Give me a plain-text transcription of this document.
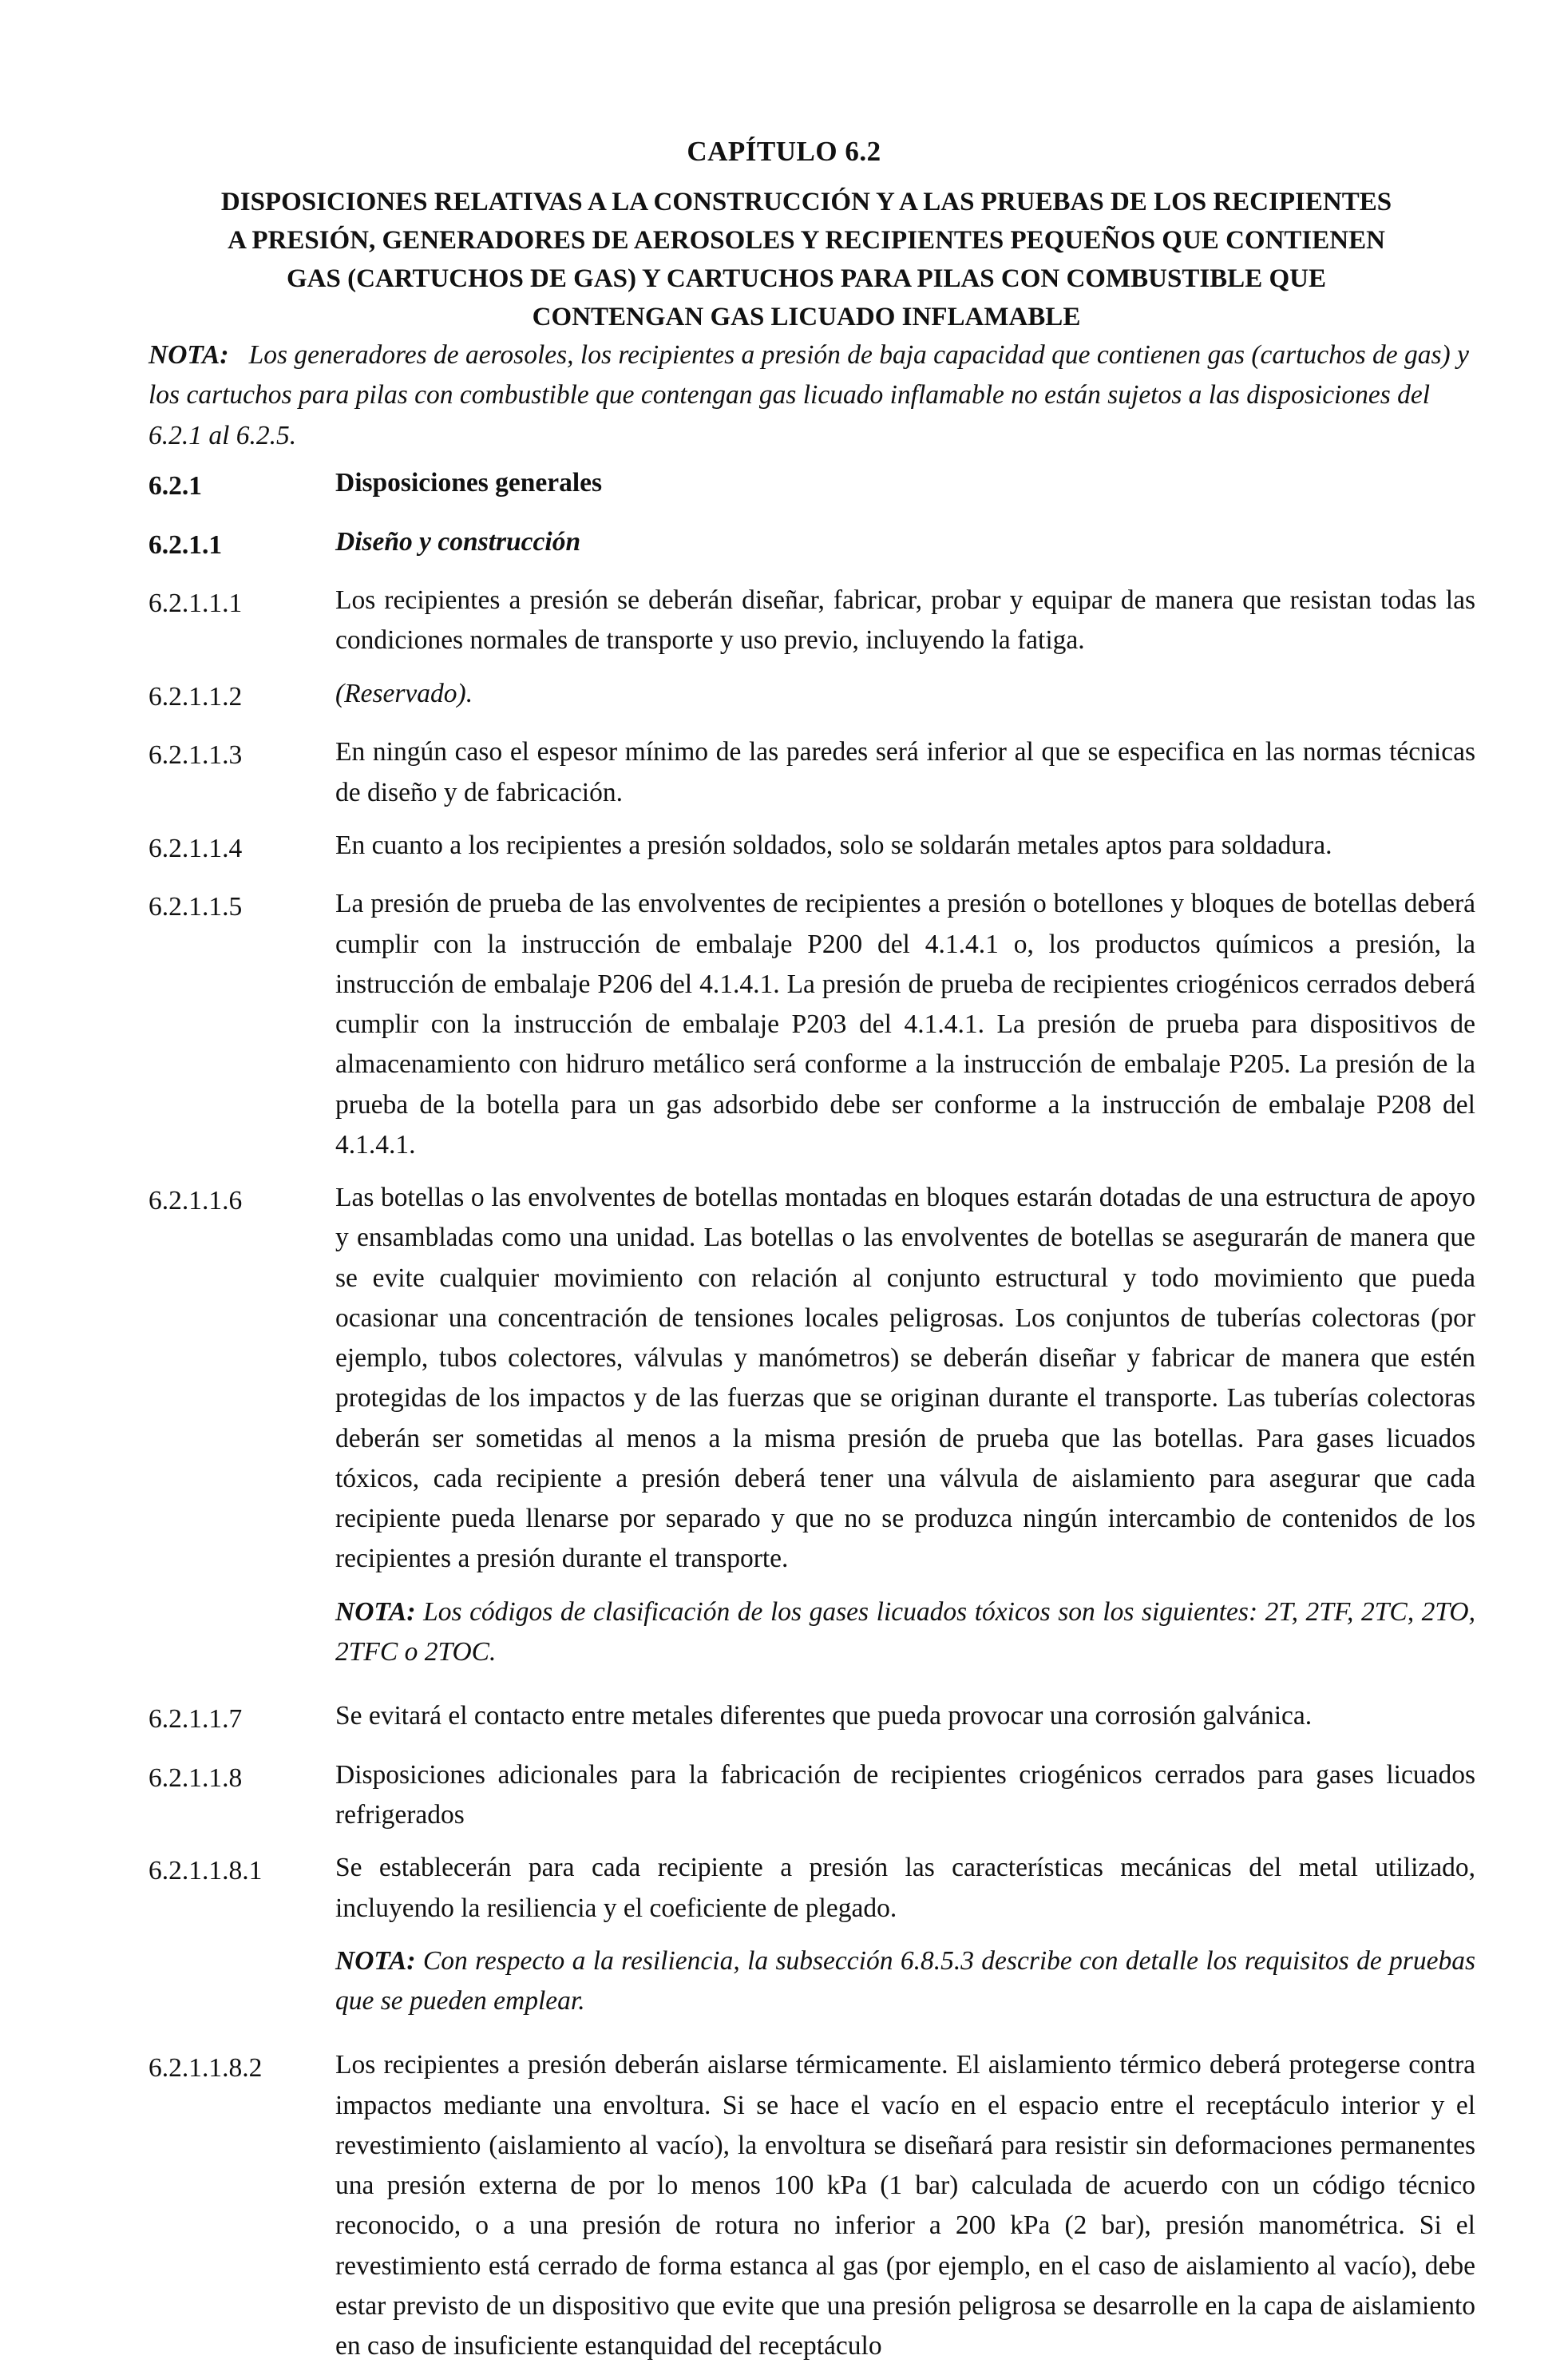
CAPÍTULO 6.2
DISPOSICIONES RELATIVAS A LA CONSTRUCCIÓN Y A LAS PRUEBAS DE LOS RECIPIENTES
A PRESIÓN, GENERADORES DE AEROSOLES Y RECIPIENTES PEQUEÑOS QUE CONTIENEN
GAS (CARTUCHOS DE GAS) Y CARTUCHOS PARA PILAS CON COMBUSTIBLE QUE
CONTENGAN GAS LICUADO INFLAMABLE
NOTA: Los generadores de aerosoles, los recipientes a presión de baja capacidad que contienen gas (cartuchos de gas) y los cartuchos para pilas con combustible que contengan gas licuado inflamable no están sujetos a las disposiciones del 6.2.1 al 6.2.5.
6.2.1	Disposiciones generales
6.2.1.1	Diseño y construcción
6.2.1.1.1	Los recipientes a presión se deberán diseñar, fabricar, probar y equipar de manera que resistan todas las condiciones normales de transporte y uso previo, incluyendo la fatiga.
6.2.1.1.2	(Reservado).
6.2.1.1.3	En ningún caso el espesor mínimo de las paredes será inferior al que se especifica en las normas técnicas de diseño y de fabricación.
6.2.1.1.4	En cuanto a los recipientes a presión soldados, solo se soldarán metales aptos para soldadura.
6.2.1.1.5	La presión de prueba de las envolventes de recipientes a presión o botellones y bloques de botellas deberá cumplir con la instrucción de embalaje P200 del 4.1.4.1 o, los productos químicos a presión, la instrucción de embalaje P206 del 4.1.4.1. La presión de prueba de recipientes criogénicos cerrados deberá cumplir con la instrucción de embalaje P203 del 4.1.4.1. La presión de prueba para dispositivos de almacenamiento con hidruro metálico será conforme a la instrucción de embalaje P205. La presión de la prueba de la botella para un gas adsorbido debe ser conforme a la instrucción de embalaje P208 del 4.1.4.1.
6.2.1.1.6	Las botellas o las envolventes de botellas montadas en bloques estarán dotadas de una estructura de apoyo y ensambladas como una unidad. Las botellas o las envolventes de botellas se asegurarán de manera que se evite cualquier movimiento con relación al conjunto estructural y todo movimiento que pueda ocasionar una concentración de tensiones locales peligrosas. Los conjuntos de tuberías colectoras (por ejemplo, tubos colectores, válvulas y manómetros) se deberán diseñar y fabricar de manera que estén protegidas de los impactos y de las fuerzas que se originan durante el transporte. Las tuberías colectoras deberán ser sometidas al menos a la misma presión de prueba que las botellas. Para gases licuados tóxicos, cada recipiente a presión deberá tener una válvula de aislamiento para asegurar que cada recipiente pueda llenarse por separado y que no se produzca ningún intercambio de contenidos de los recipientes a presión durante el transporte.
NOTA: Los códigos de clasificación de los gases licuados tóxicos son los siguientes: 2T, 2TF, 2TC, 2TO, 2TFC o 2TOC.
6.2.1.1.7	Se evitará el contacto entre metales diferentes que pueda provocar una corrosión galvánica.
6.2.1.1.8	Disposiciones adicionales para la fabricación de recipientes criogénicos cerrados para gases licuados refrigerados
6.2.1.1.8.1	Se establecerán para cada recipiente a presión las características mecánicas del metal utilizado, incluyendo la resiliencia y el coeficiente de plegado.
NOTA: Con respecto a la resiliencia, la subsección 6.8.5.3 describe con detalle los requisitos de pruebas que se pueden emplear.
6.2.1.1.8.2	Los recipientes a presión deberán aislarse térmicamente. El aislamiento térmico deberá protegerse contra impactos mediante una envoltura. Si se hace el vacío en el espacio entre el receptáculo interior y el revestimiento (aislamiento al vacío), la envoltura se diseñará para resistir sin deformaciones permanentes una presión externa de por lo menos 100 kPa (1 bar) calculada de acuerdo con un código técnico reconocido, o a una presión de rotura no inferior a 200 kPa (2 bar), presión manométrica. Si el revestimiento está cerrado de forma estanca al gas (por ejemplo, en el caso de aislamiento al vacío), debe estar previsto de un dispositivo que evite que una presión peligrosa se desarrolle en la capa de aislamiento en caso de insuficiente estanquidad del receptáculo
